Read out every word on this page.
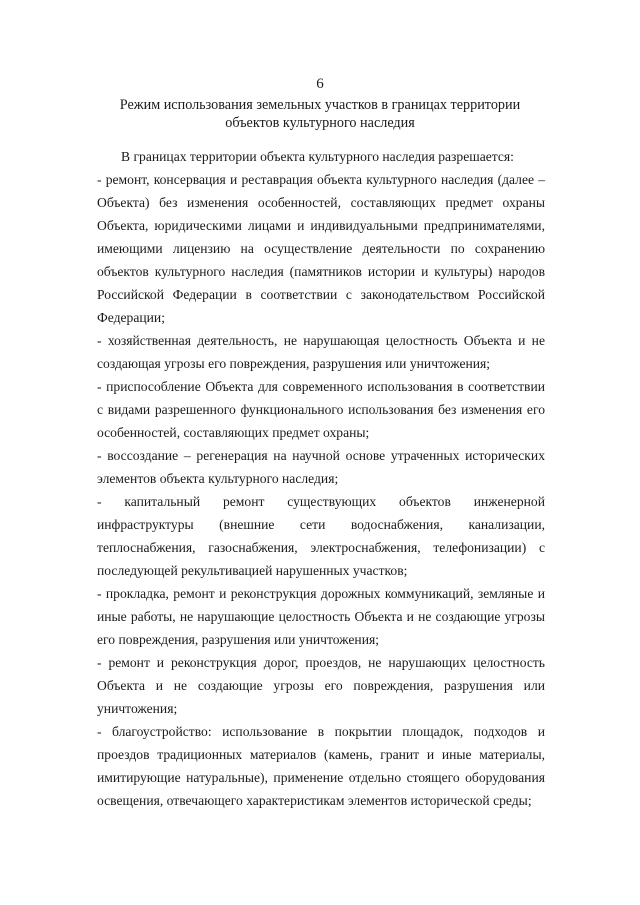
6
Режим использования земельных участков в границах территории объектов культурного наследия

В границах территории объекта культурного наследия разрешается:

- ремонт, консервация и реставрация объекта культурного наследия (далее – Объекта) без изменения особенностей, составляющих предмет охраны Объекта, юридическими лицами и индивидуальными предпринимателями, имеющими лицензию на осуществление деятельности по сохранению объектов культурного наследия (памятников истории и культуры) народов Российской Федерации в соответствии с законодательством Российской Федерации;

- хозяйственная деятельность, не нарушающая целостность Объекта и не создающая угрозы его повреждения, разрушения или уничтожения;

- приспособление Объекта для современного использования в соответствии с видами разрешенного функционального использования без изменения его особенностей, составляющих предмет охраны;

- воссоздание – регенерация на научной основе утраченных исторических элементов объекта культурного наследия;

- капитальный ремонт существующих объектов инженерной инфраструктуры (внешние сети водоснабжения, канализации, теплоснабжения, газоснабжения, электроснабжения, телефонизации) с последующей рекультивацией нарушенных участков;

- прокладка, ремонт и реконструкция дорожных коммуникаций, земляные и иные работы, не нарушающие целостность Объекта и не создающие угрозы его повреждения, разрушения или уничтожения;

- ремонт и реконструкция дорог, проездов, не нарушающих целостность Объекта и не создающие угрозы его повреждения, разрушения или уничтожения;

- благоустройство: использование в покрытии площадок, подходов и проездов традиционных материалов (камень, гранит и иные материалы, имитирующие натуральные), применение отдельно стоящего оборудования освещения, отвечающего характеристикам элементов исторической среды;
